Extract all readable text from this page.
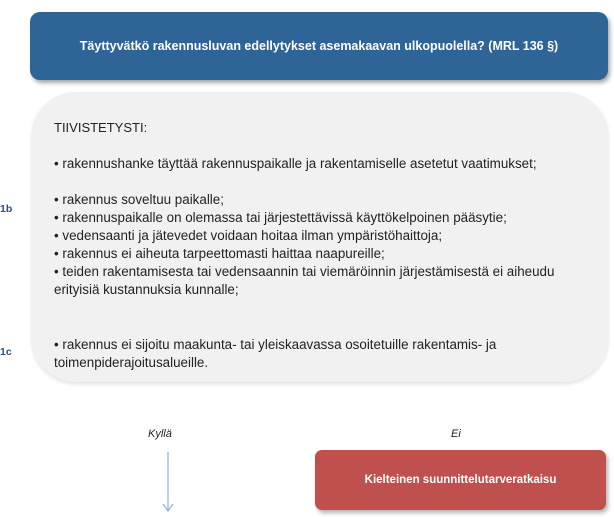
Täyttyvätkö rakennusluvan edellytykset asemakaavan ulkopuolella? (MRL 136 §)
TIIVISTETYSTI:
• rakennushanke täyttää rakennuspaikalle ja rakentamiselle asetetut vaatimukset;
• rakennus soveltuu paikalle;
• rakennuspaikalle on olemassa tai järjestettävissä käyttökelpoinen pääsytie;
• vedensaanti ja jätevedet voidaan hoitaa ilman ympäristöhaittoja;
• rakennus ei aiheuta tarpeettomasti haittaa naapureille;
• teiden rakentamisesta tai vedensaannin tai viemäröinnin järjestämisestä ei aiheudu erityisiä kustannuksia kunnalle;
• rakennus ei sijoitu maakunta- tai yleiskaavassa osoitetuille rakentamis- ja toimenpiderajoitusalueille.
1b
1c
Kyllä	Ei
Kielteinen suunnittelutarveratkaisu
